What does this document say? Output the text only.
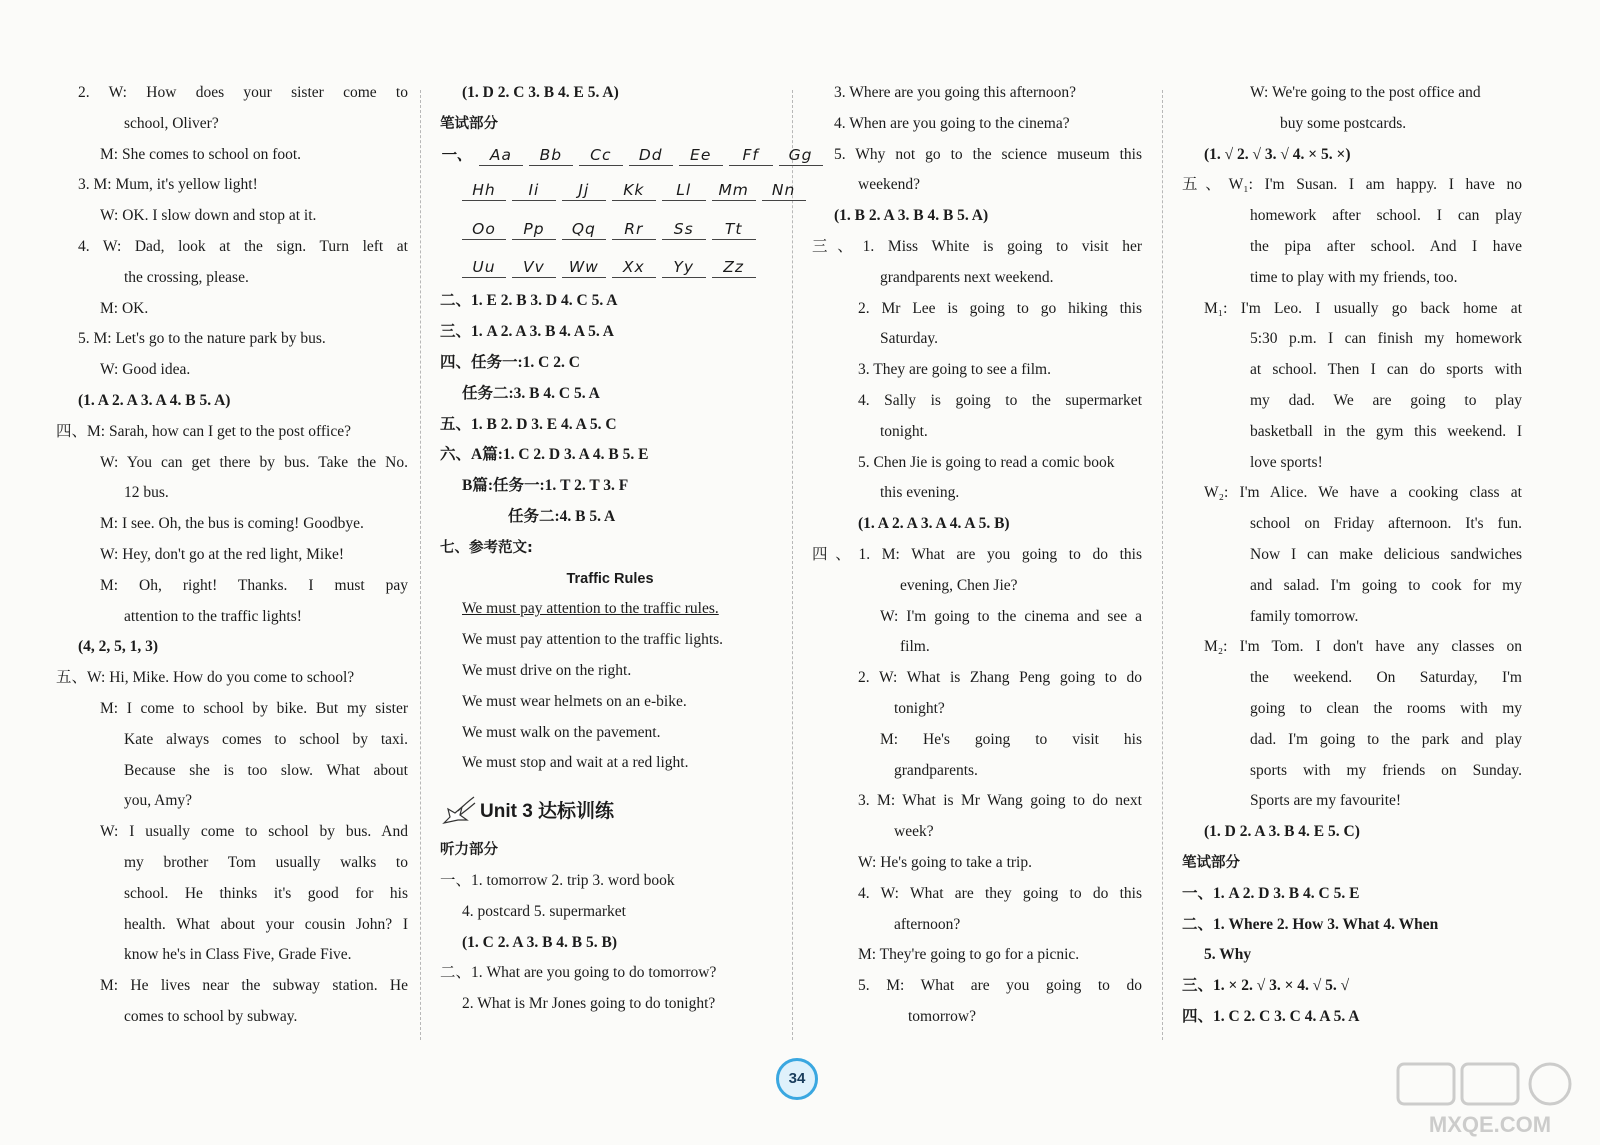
2. W: How does your sister come to
school, Oliver?
M: She comes to school on foot.
3. M: Mum, it's yellow light!
W: OK. I slow down and stop at it.
4. W: Dad, look at the sign. Turn left at
the crossing, please.
M: OK.
5. M: Let's go to the nature park by bus.
W: Good idea.
(1. A 2. A 3. A 4. B 5. A)
四、M: Sarah, how can I get to the post office?
W: You can get there by bus. Take the No.
12 bus.
M: I see. Oh, the bus is coming! Goodbye.
W: Hey, don't go at the red light, Mike!
M: Oh, right! Thanks. I must pay
attention to the traffic lights!
(4, 2, 5, 1, 3)
五、W: Hi, Mike. How do you come to school?
M: I come to school by bike. But my sister
Kate always comes to school by taxi.
Because she is too slow. What about
you, Amy?
W: I usually come to school by bus. And
my brother Tom usually walks to
school. He thinks it's good for his
health. What about your cousin John? I
know he's in Class Five, Grade Five.
M: He lives near the subway station. He
comes to school by subway.
(1. D 2. C 3. B 4. E 5. A)
笔试部分
一、 Aa Bb Cc Dd Ee Ff Gg
Hh Ii	Jj Kk Ll Mm Nn
Oo Pp Qq Rr Ss Tt
Uu Vv Ww Xx Yy Zz
二、1. E 2. B 3. D 4. C 5. A
三、1. A 2. A 3. B 4. A 5. A
四、任务一:1. C 2. C
任务二:3. B 4. C 5. A
五、1. B 2. D 3. E 4. A 5. C
六、A篇:1. C 2. D 3. A 4. B 5. E
B篇:任务一:1. T 2. T 3. F
任务二:4. B 5. A
七、参考范文:
Traffic Rules
We must pay attention to the traffic rules.
We must pay attention to the traffic lights.
We must drive on the right.
We must wear helmets on an e-bike.
We must walk on the pavement.
We must stop and wait at a red light.
Unit 3 达标训练
听力部分
一、1. tomorrow 2. trip 3. word book
4. postcard 5. supermarket
(1. C 2. A 3. B 4. B 5. B)
二、1. What are you going to do tomorrow?
2. What is Mr Jones going to do tonight?
3. Where are you going this afternoon?
4. When are you going to the cinema?
5. Why not go to the science museum this
weekend?
(1. B 2. A 3. B 4. B 5. A)
三、1. Miss White is going to visit her
grandparents next weekend.
2. Mr Lee is going to go hiking this
Saturday.
3. They are going to see a film.
4. Sally is going to the supermarket
tonight.
5. Chen Jie is going to read a comic book
this evening.
(1. A 2. A 3. A 4. A 5. B)
四、1. M: What are you going to do this
evening, Chen Jie?
W: I'm going to the cinema and see a
film.
2. W: What is Zhang Peng going to do
tonight?
M: He's going to visit his
grandparents.
3. M: What is Mr Wang going to do next
week?
W: He's going to take a trip.
4. W: What are they going to do this
afternoon?
M: They're going to go for a picnic.
5. M: What are you going to do
tomorrow?
W: We're going to the post office and
buy some postcards.
(1. √ 2. √ 3. √ 4. × 5. ×)
五、W₁: I'm Susan. I am happy. I have no
homework after school. I can play
the pipa after school. And I have
time to play with my friends, too.
M₁: I'm Leo. I usually go back home at
5:30 p.m. I can finish my homework
at school. Then I can do sports with
my dad. We are going to play
basketball in the gym this weekend. I
love sports!
W₂: I'm Alice. We have a cooking class at
school on Friday afternoon. It's fun.
Now I can make delicious sandwiches
and salad. I'm going to cook for my
family tomorrow.
M₂: I'm Tom. I don't have any classes on
the weekend. On Saturday, I'm
going to clean the rooms with my
dad. I'm going to the park and play
sports with my friends on Sunday.
Sports are my favourite!
(1. D 2. A 3. B 4. E 5. C)
笔试部分
一、1. A 2. D 3. B 4. C 5. E
二、1. Where 2. How 3. What 4. When
5. Why
三、1. × 2. √ 3. × 4. √ 5. √
四、1. C 2. C 3. C 4. A 5. A
34
MXQE.COM
